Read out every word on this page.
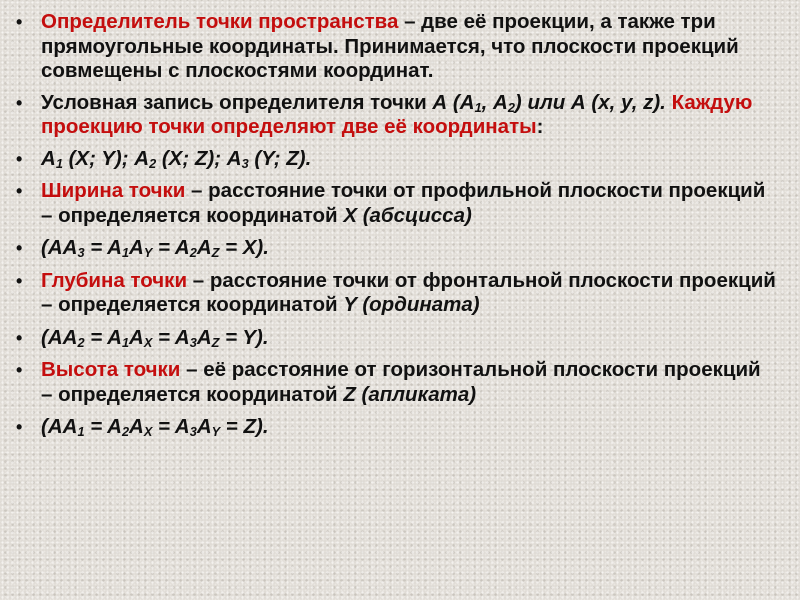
• Определитель точки пространства – две её проекции, а также три прямоугольные координаты. Принимается, что плоскости проекций совмещены с плоскостями координат.
• Условная запись определителя точки А ($А_1$, $А_2$) или А (x, y, z). Каждую проекцию точки определяют две её координаты:
• $А_1$ (X; Y); $А_2$ (X; Z); $А_3$ (Y; Z).
• Ширина точки – расстояние точки от профильной плоскости проекций – определяется координатой X (абсцисса)
• $(AA_3 = A_1A_Y = A_2A_Z = X)$.
• Глубина точки – расстояние точки от фронтальной плоскости проекций – определяется координатой Y (ордината)
• $(AA_2 = A_1A_X = A_3A_Z = Y)$.
• Высота точки – её расстояние от горизонтальной плоскости проекций – определяется координатой Z (апликата)
• $(AA_1 = A_2A_X = A_3A_Y = Z)$.
